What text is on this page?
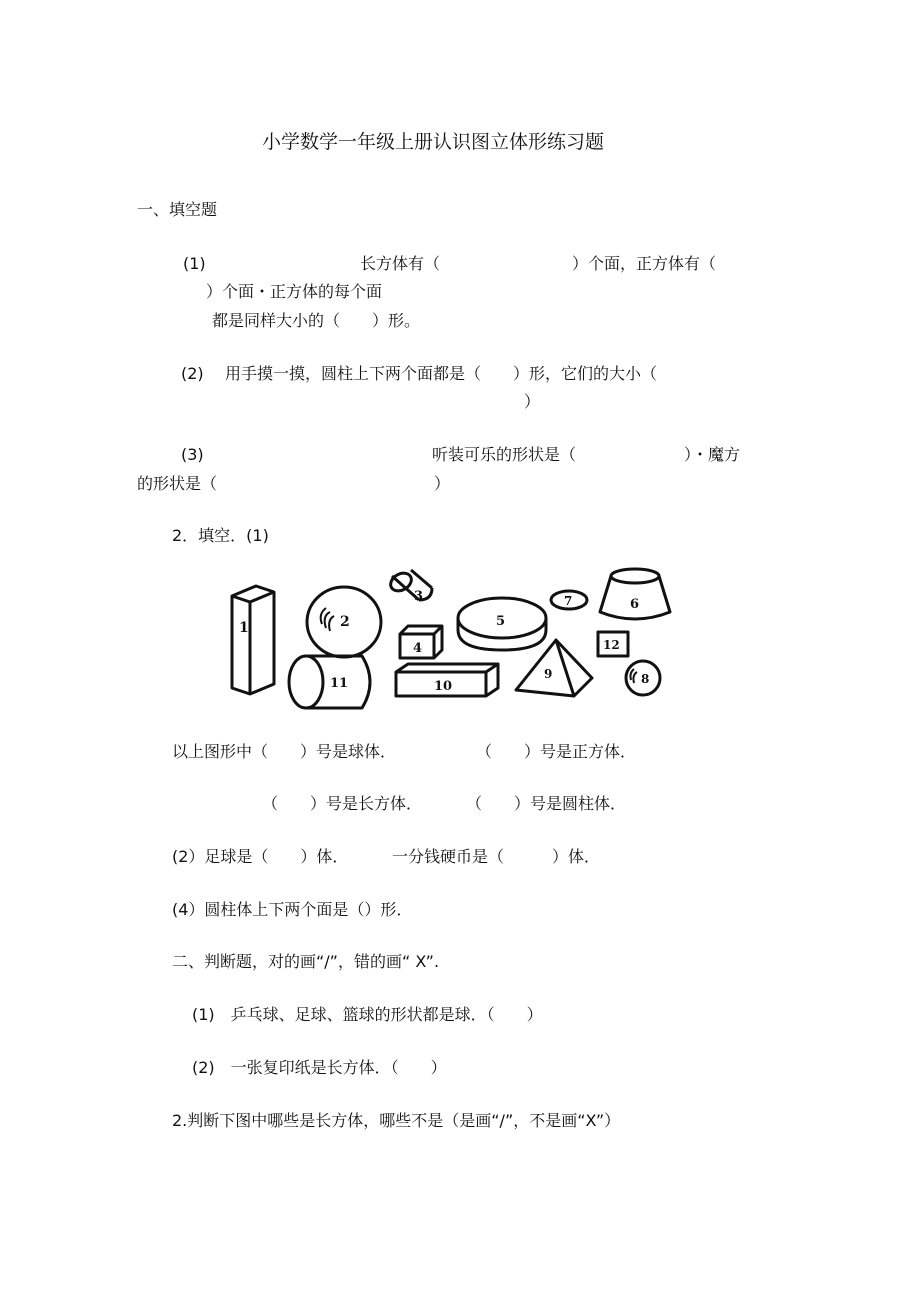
小学数学一年级上册认识图立体形练习题
一、填空题
(1)	长方体有（	）个面，正方体有（
）个面・正方体的每个面
都是同样大小的（　　）形。
(2) 用手摸一摸，圆柱上下两个面都是（　　）形，它们的大小（
）
(3)	听装可乐的形状是（	）・魔方
的形状是（	）
2．填空．(1)
1	2
3
4
5
7	6
12
11	10
9	8
以上图形中（　　）号是球体．	（　　）号是正方体．
（　　）号是长方体．	（　　）号是圆柱体．
(2）足球是（　　）体．	一分钱硬币是（　　　）体．
(4）圆柱体上下两个面是（）形．
二、判断题，对的画“/”，错的画“ X”.
(1)　乒乓球、足球、篮球的形状都是球．（　　）
(2)　一张复印纸是长方体．（　　）
2.判断下图中哪些是长方体，哪些不是（是画“/”，不是画“X”）
